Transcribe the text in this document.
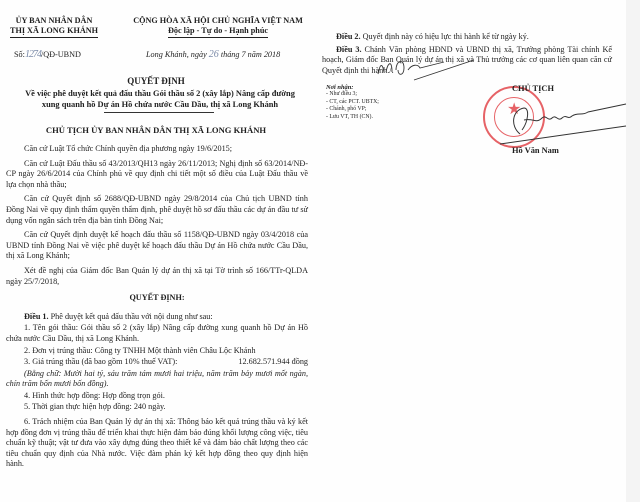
ỦY BAN NHÂN DÂN
THỊ XÃ LONG KHÁNH
Số:1274/QĐ-UBND
CỘNG HÒA XÃ HỘI CHỦ NGHĨA VIỆT NAM
Độc lập - Tự do - Hạnh phúc
Long Khánh, ngày 26 tháng 7 năm 2018
QUYẾT ĐỊNH
Về việc phê duyệt kết quả đấu thầu Gói thầu số 2 (xây lắp) Nâng cấp đường
xung quanh hồ Dự án Hồ chứa nước Cầu Dầu, thị xã Long Khánh
CHỦ TỊCH ỦY BAN NHÂN DÂN THỊ XÃ LONG KHÁNH

Căn cứ Luật Tổ chức Chính quyền địa phương ngày 19/6/2015;

Căn cứ Luật Đấu thầu số 43/2013/QH13 ngày 26/11/2013; Nghị định số 63/2014/NĐ-CP ngày 26/6/2014 của Chính phủ về quy định chi tiết một số điều của Luật Đấu thầu về lựa chọn nhà thầu;

Căn cứ Quyết định số 2688/QĐ-UBND ngày 29/8/2014 của Chủ tịch UBND tỉnh Đồng Nai về quy định thẩm quyền thẩm định, phê duyệt hồ sơ đấu thầu các dự án đầu tư sử dụng vốn ngân sách trên địa bàn tỉnh Đồng Nai;

Căn cứ Quyết định duyệt kế hoạch đấu thầu số 1158/QĐ-UBND ngày 03/4/2018 của UBND tỉnh Đồng Nai về việc phê duyệt kế hoạch đấu thầu Dự án Hồ chứa nước Cầu Dầu, thị xã Long Khánh;

Xét đề nghị của Giám đốc Ban Quản lý dự án thị xã tại Tờ trình số 166/TTr-QLDA ngày 25/7/2018,

QUYẾT ĐỊNH:

Điều 1. Phê duyệt kết quả đấu thầu với nội dung như sau:

1. Tên gói thầu: Gói thầu số 2 (xây lắp) Nâng cấp đường xung quanh hồ Dự án Hồ chứa nước Cầu Dầu, thị xã Long Khánh.

2. Đơn vị trúng thầu: Công ty TNHH Một thành viên Châu Lộc Khánh

3. Giá trúng thầu (đã bao gồm 10% thuế VAT):	12.682.571.944 đồng

(Bằng chữ: Mười hai tỷ, sáu trăm tám mươi hai triệu, năm trăm bảy mươi mốt ngàn, chín trăm bốn mươi bốn đồng).

4. Hình thức hợp đồng: Hợp đồng trọn gói.

5. Thời gian thực hiện hợp đồng: 240 ngày.

6. Trách nhiệm của Ban Quản lý dự án thị xã: Thông báo kết quả trúng thầu và ký kết hợp đồng đơn vị trúng thầu để triển khai thực hiện đảm bảo đúng khối lượng công việc, tiêu chuẩn kỹ thuật; vật tư đưa vào xây dựng đúng theo thiết kế và đảm bảo chất lượng theo các tiêu chuẩn quy định của Nhà nước. Việc đàm phán ký kết hợp đồng theo quy định hiện hành.

Điều 2. Quyết định này có hiệu lực thi hành kể từ ngày ký.

Điều 3. Chánh Văn phòng HĐND và UBND thị xã, Trưởng phòng Tài chính Kế hoạch, Giám đốc Ban Quản lý dự án thị xã và Thủ trưởng các cơ quan liên quan căn cứ Quyết định thi hành./.

Nơi nhận:
- Như điều 3;
- CT, các PCT. UBTX;
- Chánh, phó VP;
- Lưu VT, TH (CN).	★
CHỦ TỊCH
Hồ Văn Nam
